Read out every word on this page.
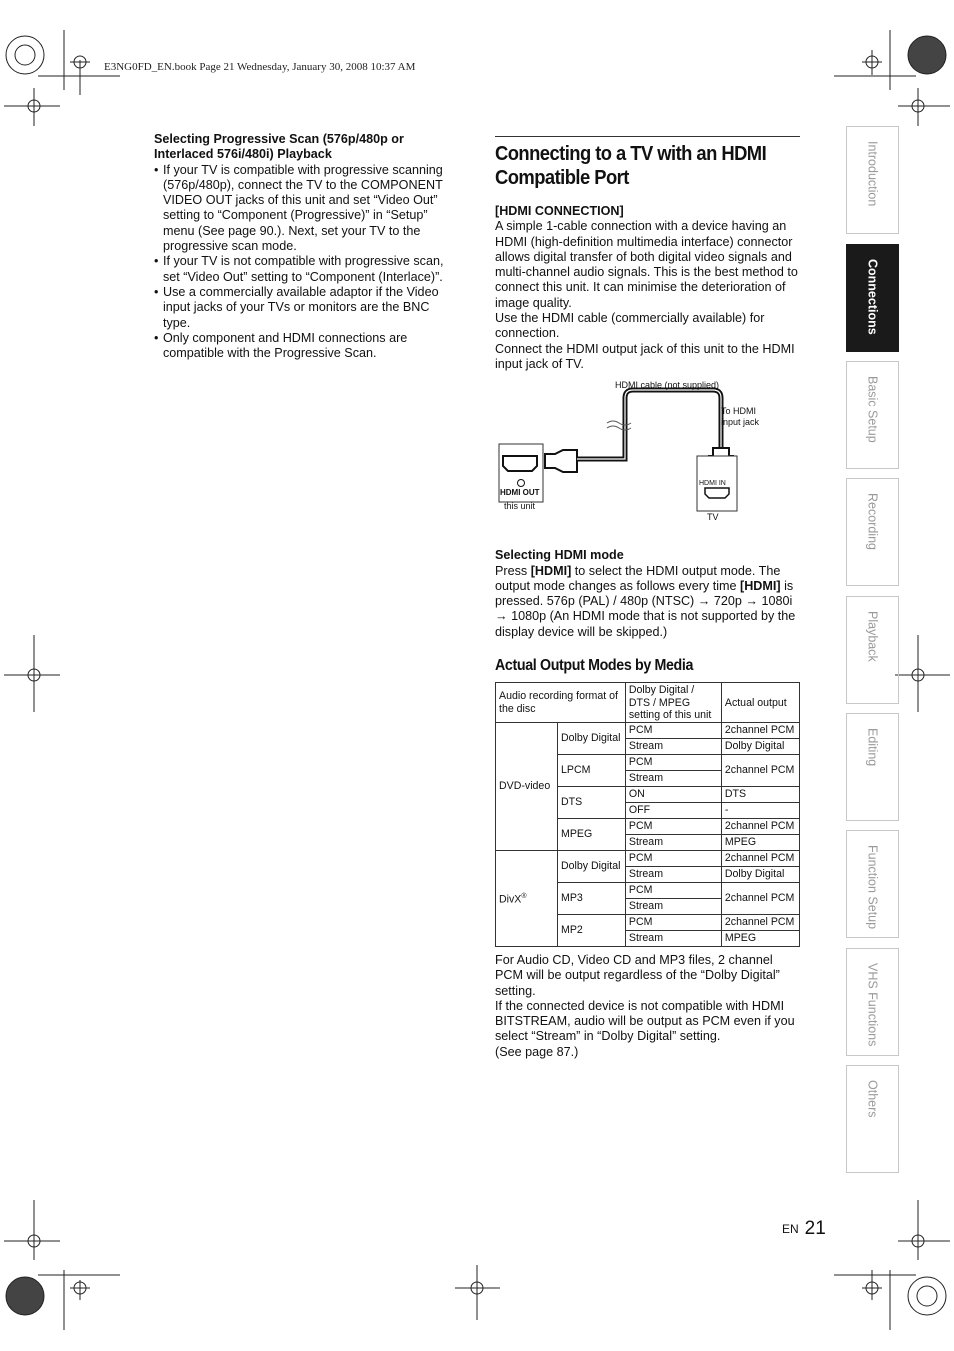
E3NG0FD_EN.book Page 21 Wednesday, January 30, 2008 10:37 AM

Selecting Progressive Scan (576p/480p or
Interlaced 576i/480i) Playback

• If your TV is compatible with progressive scanning (576p/480p), connect the TV to the COMPONENT VIDEO OUT jacks of this unit and set “Video Out” setting to “Component (Progressive)” in “Setup” menu (See page 90.). Next, set your TV to the progressive scan mode.
• If your TV is not compatible with progressive scan, set “Video Out” setting to “Component (Interlace)”.
• Use a commercially available adaptor if the Video input jacks of your TVs or monitors are the BNC type.
• Only component and HDMI connections are compatible with the Progressive Scan.
Connecting to a TV with an HDMI
Compatible Port

[HDMI CONNECTION]

A simple 1-cable connection with a device having an HDMI (high-definition multimedia interface) connector allows digital transfer of both digital video signals and multi-channel audio signals. This is the best method to connect this unit. It can minimise the deterioration of image quality.

Use the HDMI cable (commercially available) for connection.

Connect the HDMI output jack of this unit to the HDMI input jack of TV.

HDMI cable (not supplied)
To HDMI
input jack
HDMI OUT
this unit
HDMI IN
TV

Selecting HDMI mode

Press [HDMI] to select the HDMI output mode. The output mode changes as follows every time [HDMI] is pressed. 576p (PAL) / 480p (NTSC) → 720p → 1080i → 1080p (An HDMI mode that is not supported by the display device will be skipped.)

Actual Output Modes by Media
Audio recording format of the disc		Dolby Digital / DTS / MPEG setting of this unit	Actual output
DVD-video	Dolby Digital	PCM	2channel PCM
		Stream	Dolby Digital
	LPCM	PCM	2channel PCM
		Stream	
	DTS	ON	DTS
		OFF	-
	MPEG	PCM	2channel PCM
		Stream	MPEG
DivX®	Dolby Digital	PCM	2channel PCM
		Stream	Dolby Digital
	MP3	PCM	2channel PCM
		Stream	
	MP2	PCM	2channel PCM
		Stream	MPEG

For Audio CD, Video CD and MP3 files, 2 channel PCM will be output regardless of the “Dolby Digital” setting.

If the connected device is not compatible with HDMI BITSTREAM, audio will be output as PCM even if you select “Stream” in “Dolby Digital” setting.

(See page 87.)

Introduction
Connections
Basic Setup
Recording
Playback
Editing
Function Setup
VHS Functions
Others
EN 21
